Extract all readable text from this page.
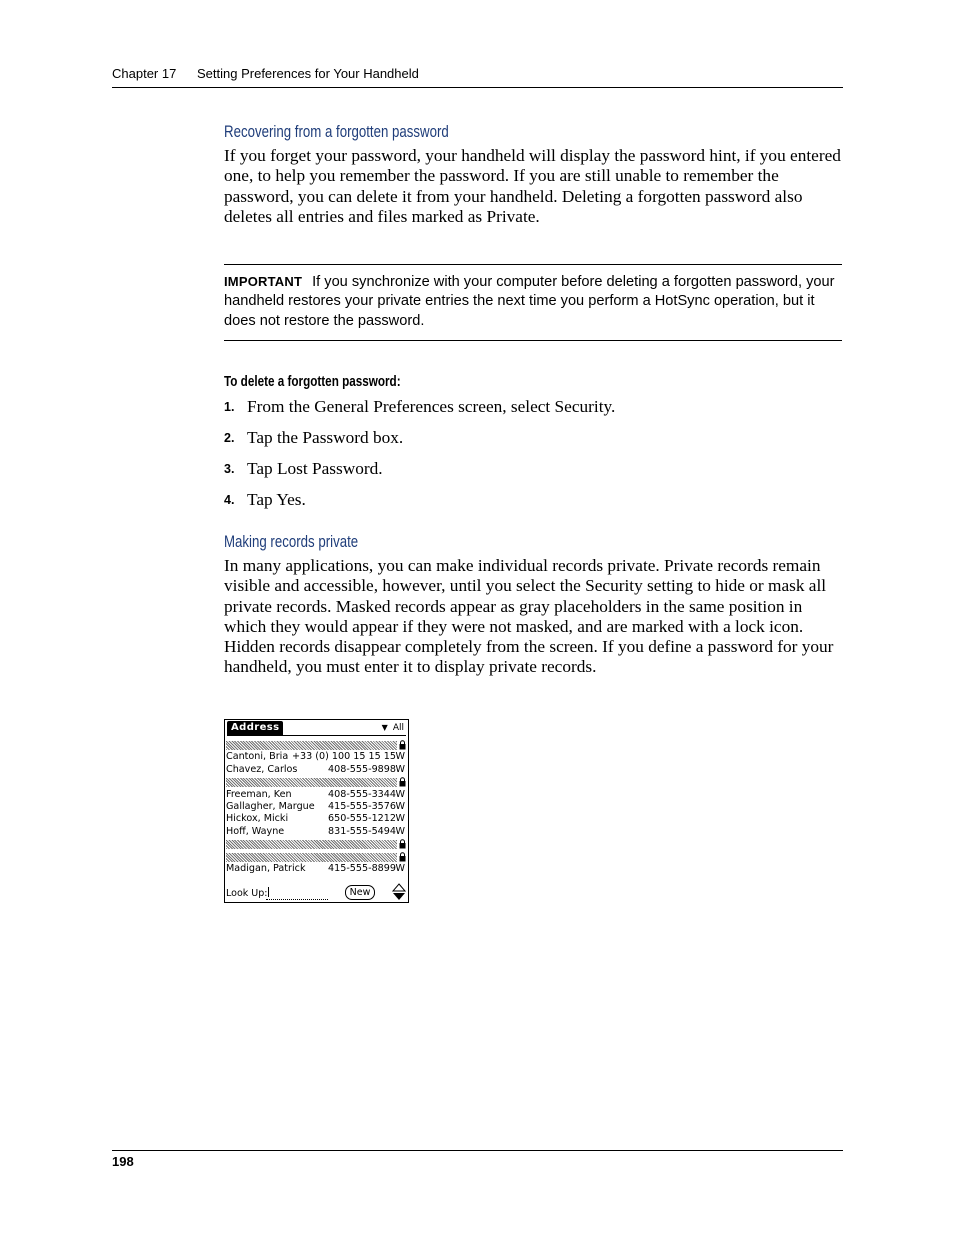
Chapter 17 Setting Preferences for Your Handheld
Recovering from a forgotten password
If you forget your password, your handheld will display the password hint, if you entered one, to help you remember the password. If you are still unable to remember the password, you can delete it from your handheld. Deleting a forgotten password also deletes all entries and files marked as Private.
IMPORTANT If you synchronize with your computer before deleting a forgotten password, your handheld restores your private entries the next time you perform a HotSync operation, but it does not restore the password.
To delete a forgotten password:
1. From the General Preferences screen, select Security.
2. Tap the Password box.
3. Tap Lost Password.
4. Tap Yes.
Making records private
In many applications, you can make individual records private. Private records remain visible and accessible, however, until you select the Security setting to hide or mask all private records. Masked records appear as gray placeholders in the same position in which they would appear if they were not masked, and are marked with a lock icon. Hidden records disappear completely from the screen. If you define a password for your handheld, you must enter it to display private records.
Address	▼ All
Cantoni, Bria +33 (0) 100 15 15 15 W
Chavez, Carlos	408-555-9898 W
Freeman, Ken	408-555-3344 W
Gallagher, Margue 415-555-3576 W
Hickox, Micki	650-555-1212 W
Hoff, Wayne	831-555-5494 W
Madigan, Patrick 415-555-8899 W
Look Up:	New
198
